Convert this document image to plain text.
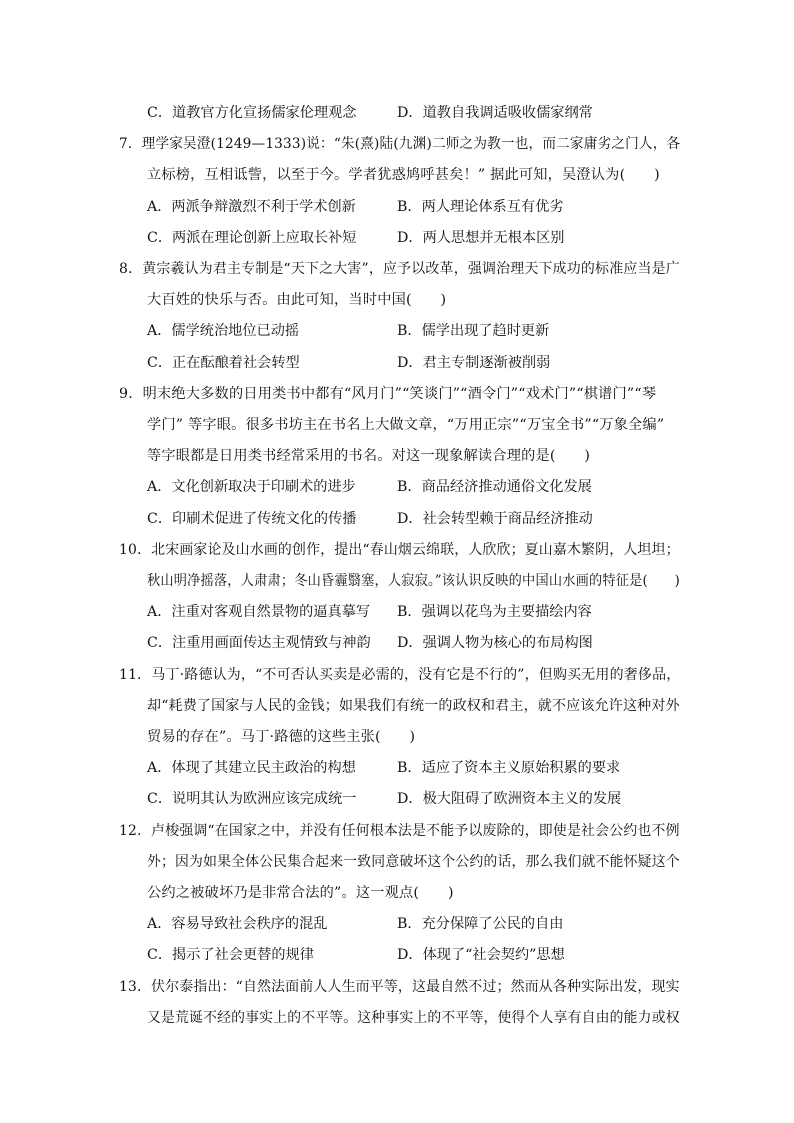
C．道教官方化宣扬儒家伦理观念	D．道教自我调适吸收儒家纲常
7．理学家吴澄(1249—1333)说：“朱(熹)陆(九渊)二师之为教一也，而二家庸劣之门人，各
立标榜，互相诋訾，以至于今。学者犹惑鸠呼甚矣！” 据此可知，吴澄认为(　　)
A．两派争辩激烈不利于学术创新	B．两人理论体系互有优劣
C．两派在理论创新上应取长补短	D．两人思想并无根本区别
8．黄宗羲认为君主专制是“天下之大害”，应予以改革，强调治理天下成功的标准应当是广
大百姓的快乐与否。由此可知，当时中国(　　)
A．儒学统治地位已动摇	B．儒学出现了趋时更新
C．正在酝酿着社会转型	D．君主专制逐渐被削弱
9．明末绝大多数的日用类书中都有“风月门”“笑谈门”“酒令门”“戏术门”“棋谱门”“琴
学门” 等字眼。很多书坊主在书名上大做文章，“万用正宗”“万宝全书”“万象全编”
等字眼都是日用类书经常采用的书名。对这一现象解读合理的是(　　)
A．文化创新取决于印刷术的进步	B．商品经济推动通俗文化发展
C．印刷术促进了传统文化的传播	D．社会转型赖于商品经济推动
10．北宋画家论及山水画的创作，提出“春山烟云绵联，人欣欣；夏山嘉木繁阴，人坦坦；
秋山明净摇落，人肃肃；冬山昏霾翳塞，人寂寂。”该认识反映的中国山水画的特征是(　　)
A．注重对客观自然景物的逼真摹写 B．强调以花鸟为主要描绘内容
C．注重用画面传达主观情致与神韵 D．强调人物为核心的布局构图
11．马丁·路德认为，“不可否认买卖是必需的，没有它是不行的”，但购买无用的奢侈品，
却“耗费了国家与人民的金钱；如果我们有统一的政权和君主，就不应该允许这种对外
贸易的存在”。马丁·路德的这些主张(　　)
A．体现了其建立民主政治的构想	B．适应了资本主义原始积累的要求
C．说明其认为欧洲应该完成统一	D．极大阻碍了欧洲资本主义的发展
12．卢梭强调“在国家之中，并没有任何根本法是不能予以废除的，即使是社会公约也不例
外；因为如果全体公民集合起来一致同意破坏这个公约的话，那么我们就不能怀疑这个
公约之被破坏乃是非常合法的”。这一观点(　　)
A．容易导致社会秩序的混乱	B．充分保障了公民的自由
C．揭示了社会更替的规律	D．体现了“社会契约”思想
13．伏尔泰指出：“自然法面前人人生而平等，这最自然不过；然而从各种实际出发，现实
又是荒诞不经的事实上的不平等。这种事实上的不平等，使得个人享有自由的能力或权
